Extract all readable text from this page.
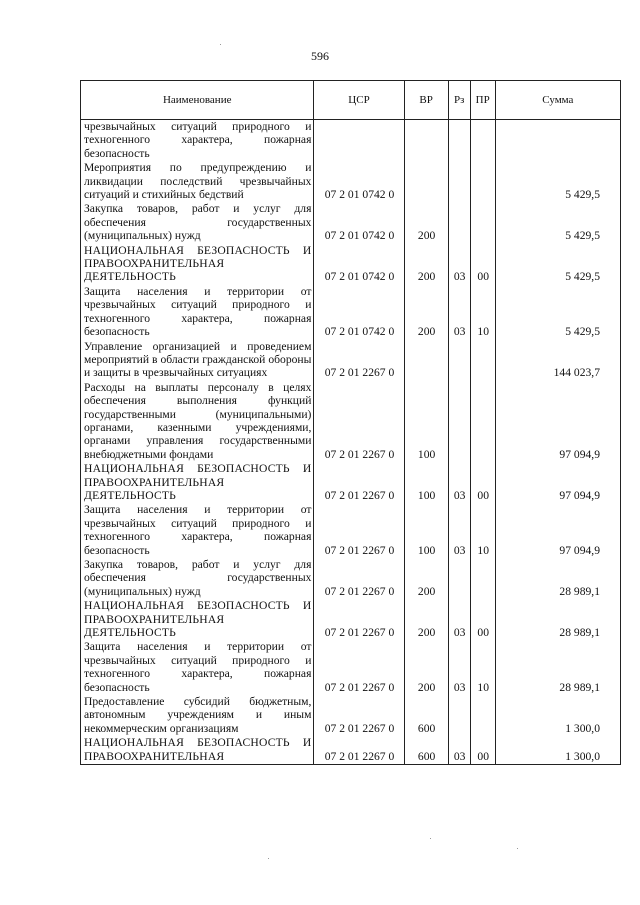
596
Наименование	ЦСР	ВР	Рз	ПР	Сумма
чрезвычайных ситуаций природного и техногенного характера, пожарная безопасность					
Мероприятия по предупреждению и ликвидации последствий чрезвычайных ситуаций и стихийных бедствий	07 2 01 0742 0				5 429,5
Закупка товаров, работ и услуг для обеспечения государственных (муниципальных) нужд	07 2 01 0742 0	200			5 429,5
НАЦИОНАЛЬНАЯ БЕЗОПАСНОСТЬ И ПРАВООХРАНИТЕЛЬНАЯ ДЕЯТЕЛЬНОСТЬ	07 2 01 0742 0	200	03	00	5 429,5
Защита населения и территории от чрезвычайных ситуаций природного и техногенного характера, пожарная безопасность	07 2 01 0742 0	200	03	10	5 429,5
Управление организацией и проведением мероприятий в области гражданской обороны и защиты в чрезвычайных ситуациях	07 2 01 2267 0				144 023,7
Расходы на выплаты персоналу в целях обеспечения выполнения функций государственными (муниципальными) органами, казенными учреждениями, органами управления государственными внебюджетными фондами	07 2 01 2267 0	100			97 094,9
НАЦИОНАЛЬНАЯ БЕЗОПАСНОСТЬ И ПРАВООХРАНИТЕЛЬНАЯ ДЕЯТЕЛЬНОСТЬ	07 2 01 2267 0	100	03	00	97 094,9
Защита населения и территории от чрезвычайных ситуаций природного и техногенного характера, пожарная безопасность	07 2 01 2267 0	100	03	10	97 094,9
Закупка товаров, работ и услуг для обеспечения государственных (муниципальных) нужд	07 2 01 2267 0	200			28 989,1
НАЦИОНАЛЬНАЯ БЕЗОПАСНОСТЬ И ПРАВООХРАНИТЕЛЬНАЯ ДЕЯТЕЛЬНОСТЬ	07 2 01 2267 0	200	03	00	28 989,1
Защита населения и территории от чрезвычайных ситуаций природного и техногенного характера, пожарная безопасность	07 2 01 2267 0	200	03	10	28 989,1
Предоставление субсидий бюджетным, автономным учреждениям и иным некоммерческим организациям	07 2 01 2267 0	600			1 300,0
НАЦИОНАЛЬНАЯ БЕЗОПАСНОСТЬ И ПРАВООХРАНИТЕЛЬНАЯ	07 2 01 2267 0	600	03	00	1 300,0
